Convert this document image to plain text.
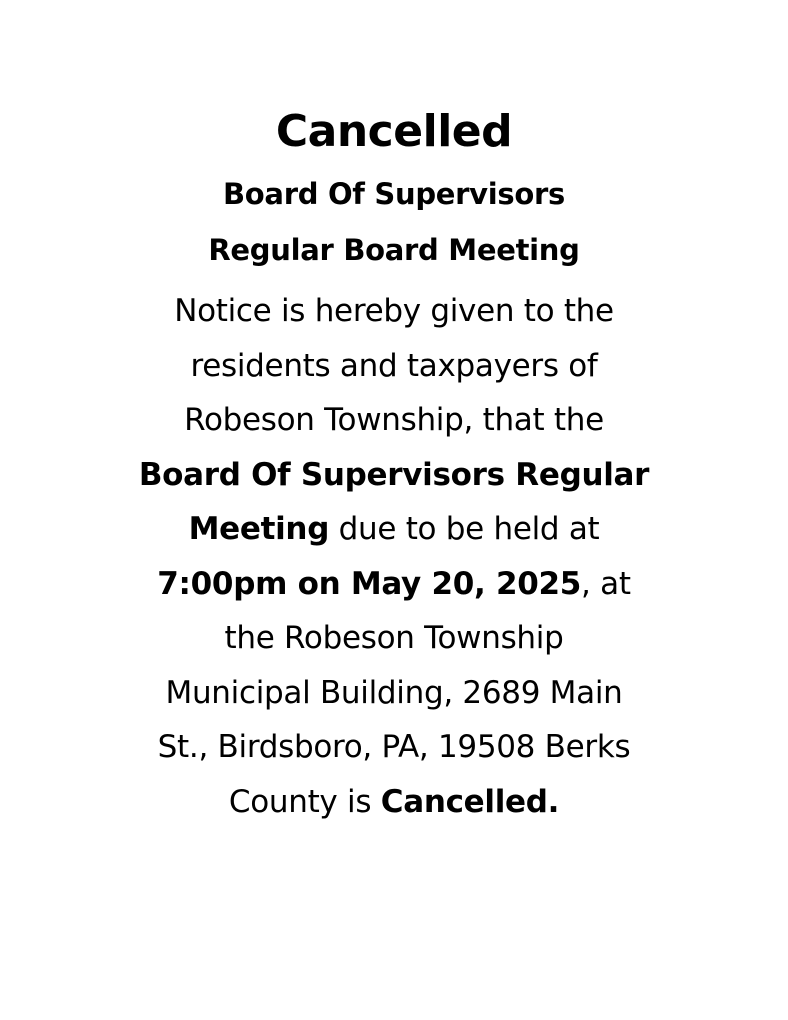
Cancelled
Board Of Supervisors
Regular Board Meeting
Notice is hereby given to the
residents and taxpayers of
Robeson Township, that the
Board Of Supervisors Regular
Meeting due to be held at
7:00pm on May 20, 2025, at
the Robeson Township
Municipal Building, 2689 Main
St., Birdsboro, PA, 19508 Berks
County is Cancelled.
